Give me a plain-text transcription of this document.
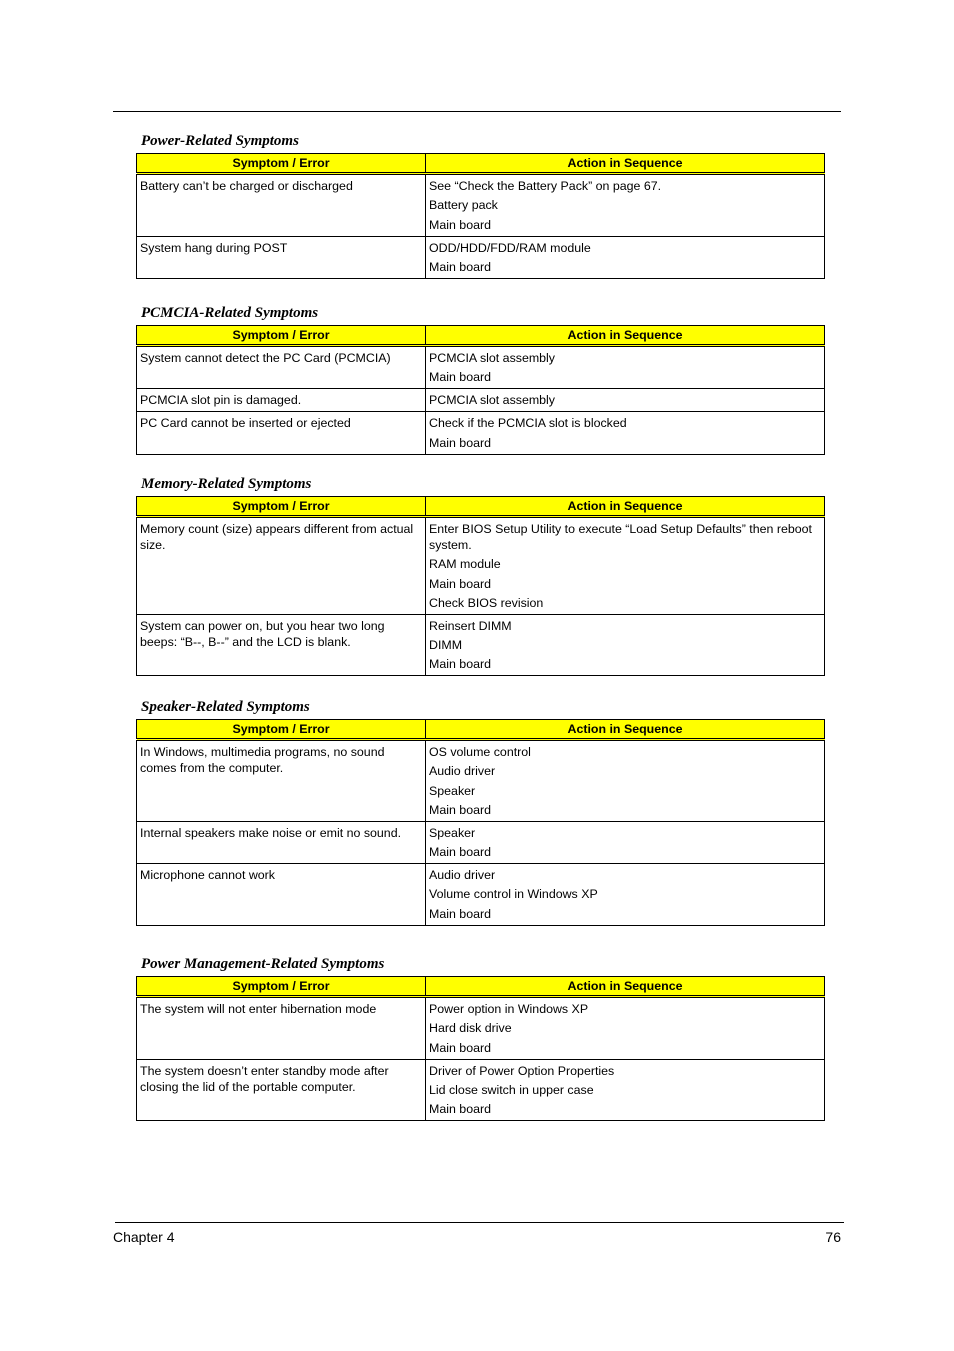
Power-Related Symptoms
Symptom / Error	Action in Sequence
Battery can’t be charged or discharged	See “Check the Battery Pack” on page 67.
Battery pack
Main board

System hang during POST	ODD/HDD/FDD/RAM module
Main board
PCMCIA-Related Symptoms
Symptom / Error	Action in Sequence
System cannot detect the PC Card (PCMCIA)	PCMCIA slot assembly
Main board

PCMCIA slot pin is damaged.	PCMCIA slot assembly

PC Card cannot be inserted or ejected	Check if the PCMCIA slot is blocked
Main board
Memory-Related Symptoms
Symptom / Error	Action in Sequence
Memory count (size) appears different from actual size.	Enter BIOS Setup Utility to execute “Load Setup Defaults” then reboot system.
RAM module
Main board
Check BIOS revision

System can power on, but you hear two long beeps: “B--, B--” and the LCD is blank.	Reinsert DIMM
DIMM
Main board
Speaker-Related Symptoms
Symptom / Error	Action in Sequence
In Windows, multimedia programs, no sound comes from the computer.	OS volume control
Audio driver
Speaker
Main board

Internal speakers make noise or emit no sound.	Speaker
Main board

Microphone cannot work	Audio driver
Volume control in Windows XP
Main board
Power Management-Related Symptoms
Symptom / Error	Action in Sequence
The system will not enter hibernation mode	Power option in Windows XP
Hard disk drive
Main board

The system doesn’t enter standby mode after closing the lid of the portable computer.	Driver of Power Option Properties
Lid close switch in upper case
Main board
Chapter 4	76
